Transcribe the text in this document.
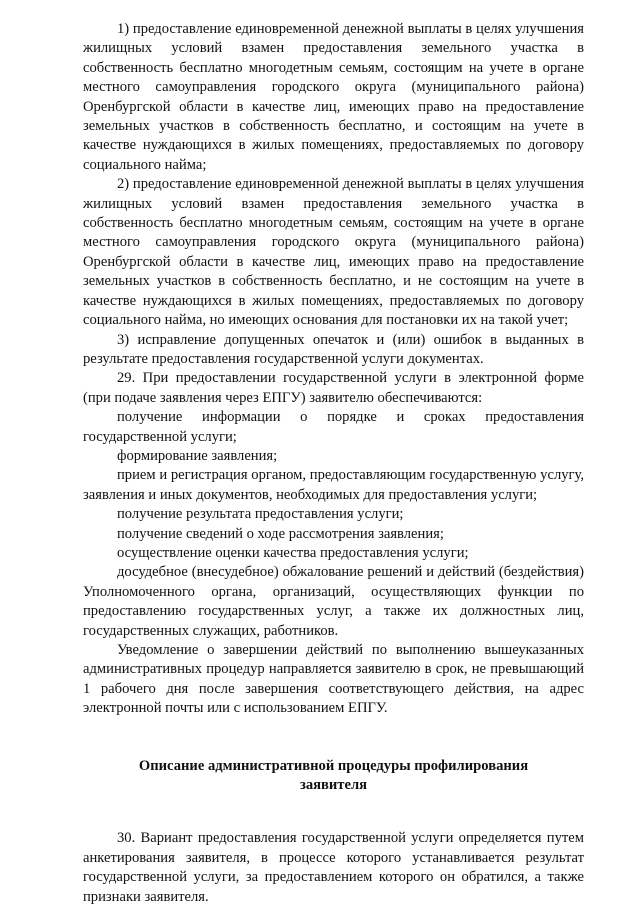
1) предоставление единовременной денежной выплаты в целях улучшения жилищных условий взамен предоставления земельного участка в собственность бесплатно многодетным семьям, состоящим на учете в органе местного самоуправления городского округа (муниципального района) Оренбургской области в качестве лиц, имеющих право на предоставление земельных участков в собственность бесплатно, и состоящим на учете в качестве нуждающихся в жилых помещениях, предоставляемых по договору социального найма;

2) предоставление единовременной денежной выплаты в целях улучшения жилищных условий взамен предоставления земельного участка в собственность бесплатно многодетным семьям, состоящим на учете в органе местного самоуправления городского округа (муниципального района) Оренбургской области в качестве лиц, имеющих право на предоставление земельных участков в собственность бесплатно, и не состоящим на учете в качестве нуждающихся в жилых помещениях, предоставляемых по договору социального найма, но имеющих основания для постановки их на такой учет;

3) исправление допущенных опечаток и (или) ошибок в выданных в результате предоставления государственной услуги документах.

29. При предоставлении государственной услуги в электронной форме (при подаче заявления через ЕПГУ) заявителю обеспечиваются:

получение информации о порядке и сроках предоставления государственной услуги;

формирование заявления;

прием и регистрация органом, предоставляющим государственную услугу, заявления и иных документов, необходимых для предоставления услуги;

получение результата предоставления услуги;

получение сведений о ходе рассмотрения заявления;

осуществление оценки качества предоставления услуги;

досудебное (внесудебное) обжалование решений и действий (бездействия) Уполномоченного органа, организаций, осуществляющих функции по предоставлению государственных услуг, а также их должностных лиц, государственных служащих, работников.

Уведомление о завершении действий по выполнению вышеуказанных административных процедур направляется заявителю в срок, не превышающий 1 рабочего дня после завершения соответствующего действия, на адрес электронной почты или с использованием ЕПГУ.

Описание административной процедуры профилирования
заявителя

30. Вариант предоставления государственной услуги определяется путем анкетирования заявителя, в процессе которого устанавливается результат государственной услуги, за предоставлением которого он обратился, а также признаки заявителя.
